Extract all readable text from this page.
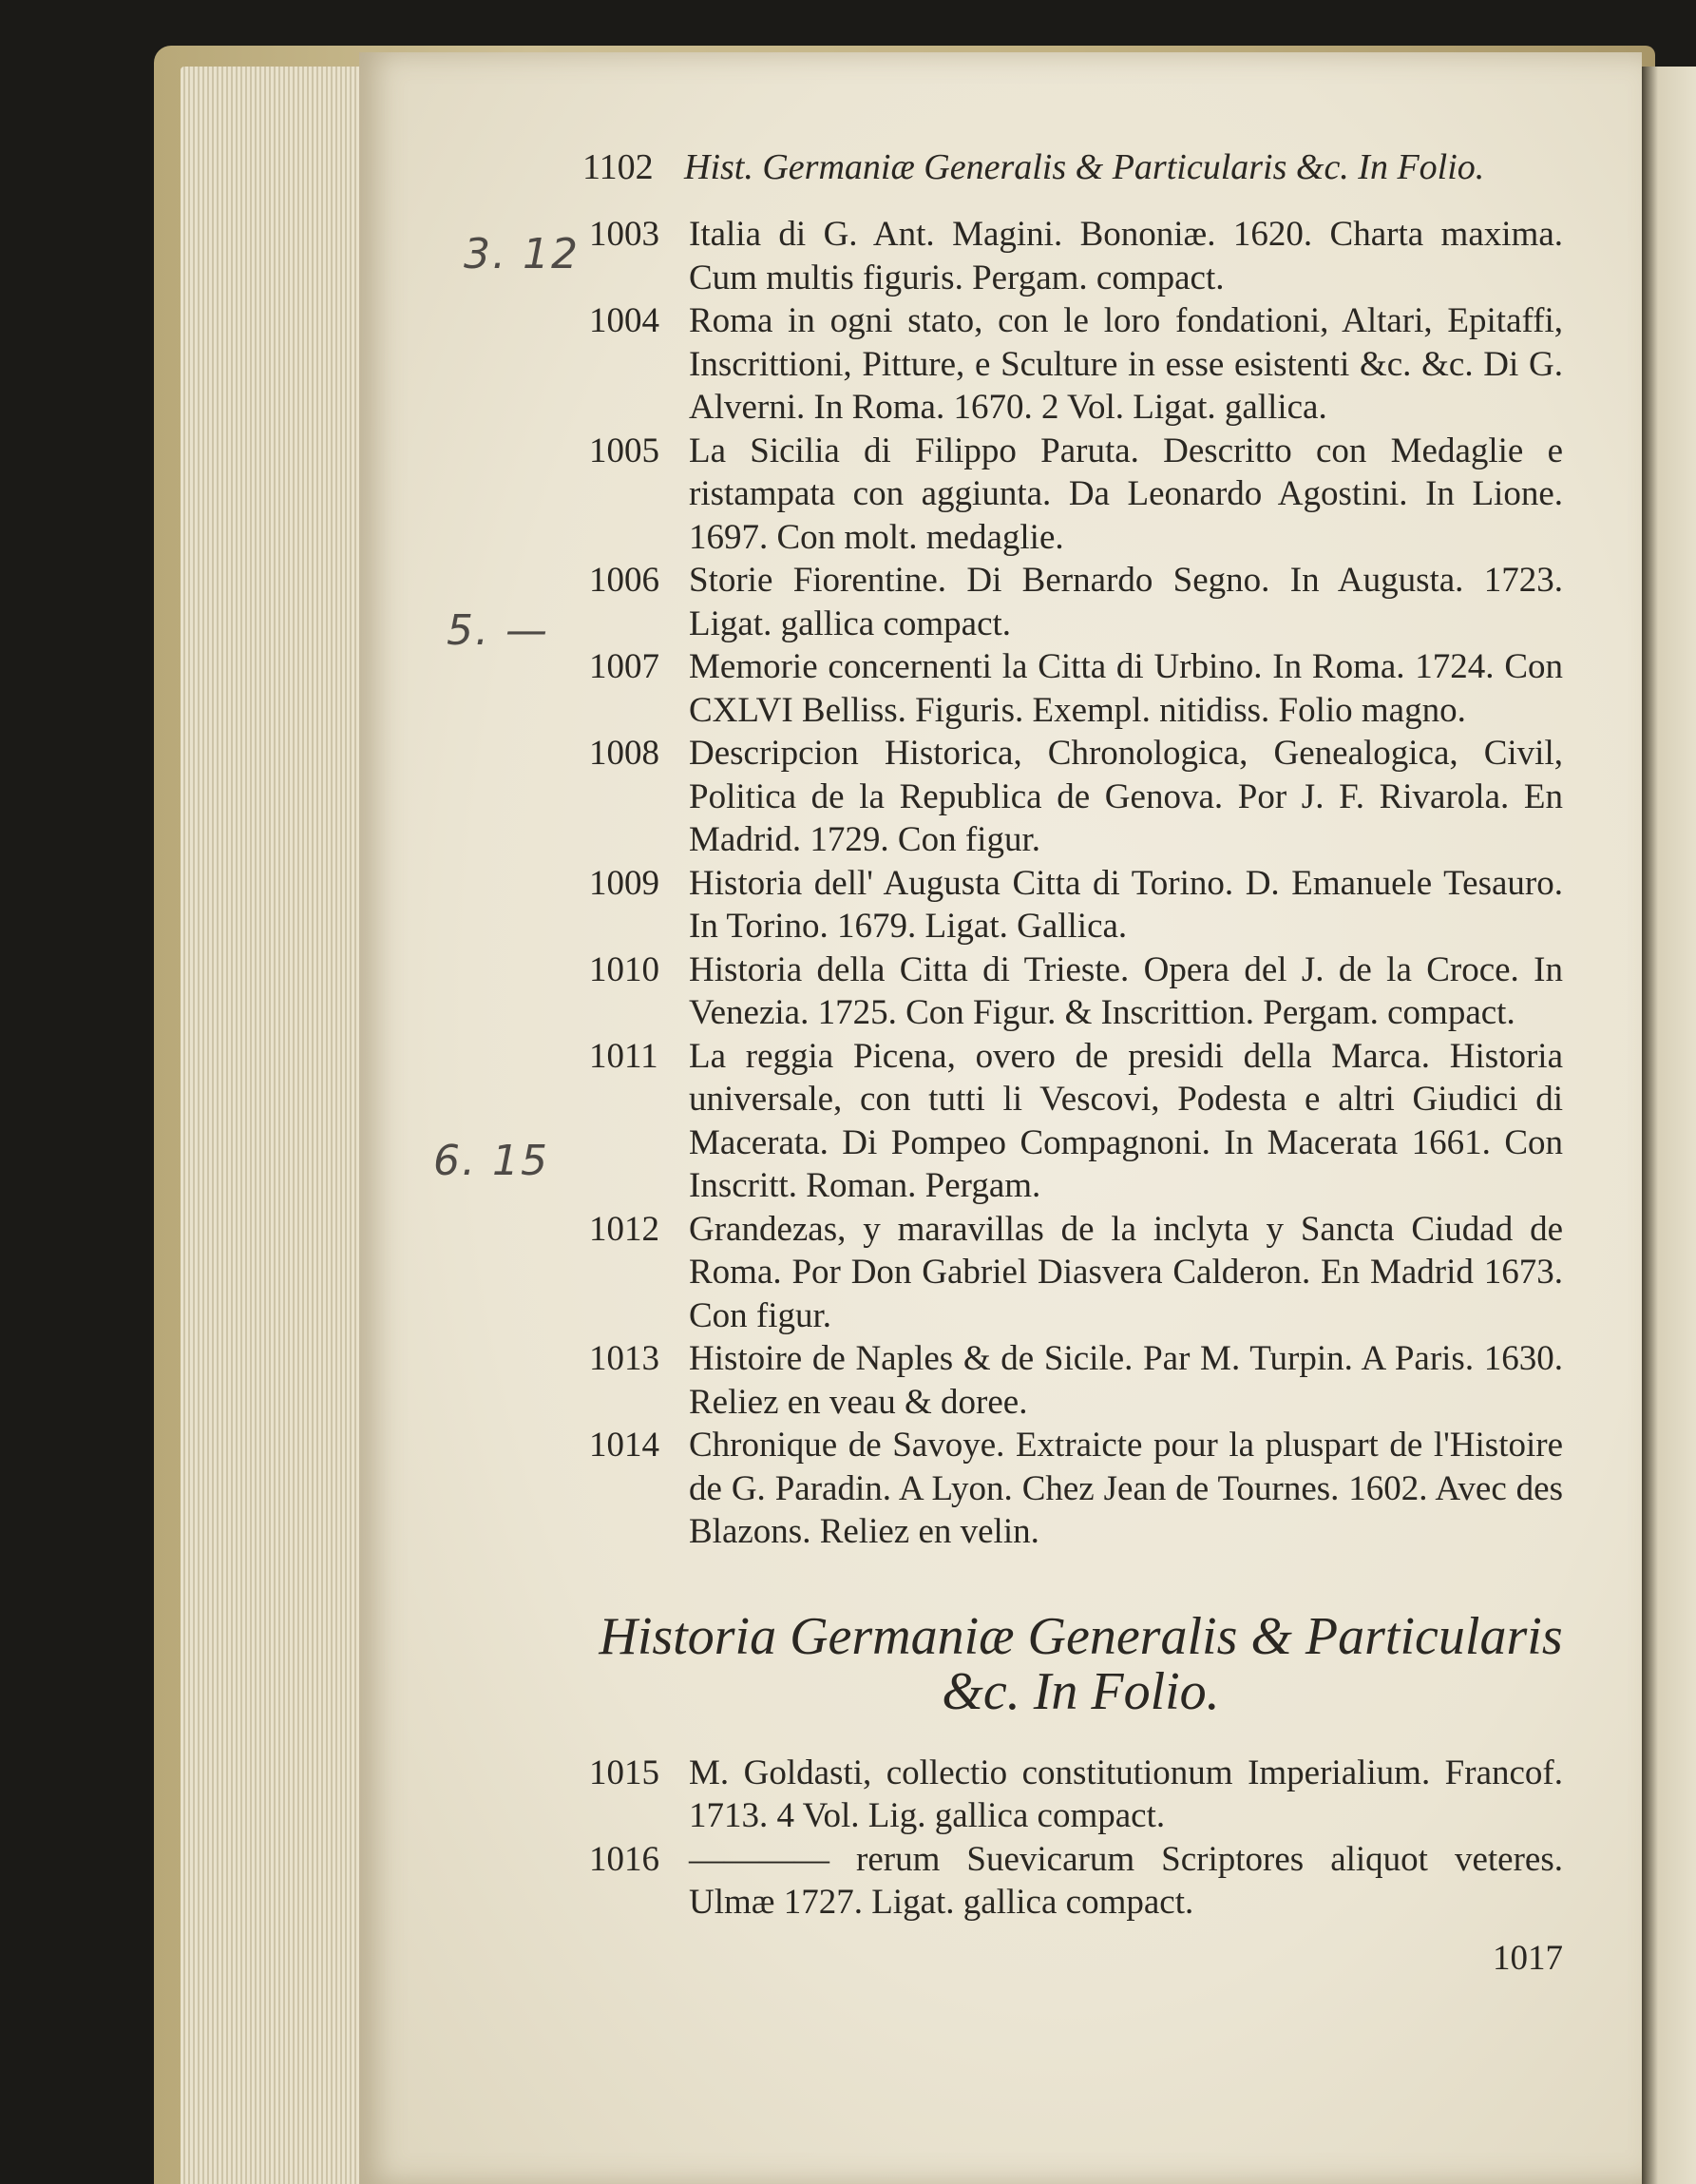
3. 12
5. —
6. 15
1102 Hist. Germaniæ Generalis & Particularis &c. In Folio.
1003 Italia di G. Ant. Magini. Bononiæ. 1620. Charta maxima. Cum multis figuris. Pergam. compact.
1004 Roma in ogni stato, con le loro fondationi, Altari, Epitaffi, Inscrittioni, Pitture, e Sculture in esse esistenti &c. &c. Di G. Alverni. In Roma. 1670. 2 Vol. Ligat. gallica.
1005 La Sicilia di Filippo Paruta. Descritto con Medaglie e ristampata con aggiunta. Da Leonardo Agostini. In Lione. 1697. Con molt. medaglie.
1006 Storie Fiorentine. Di Bernardo Segno. In Augusta. 1723. Ligat. gallica compact.
1007 Memorie concernenti la Citta di Urbino. In Roma. 1724. Con CXLVI Belliss. Figuris. Exempl. nitidiss. Folio magno.
1008 Descripcion Historica, Chronologica, Genealogica, Civil, Politica de la Republica de Genova. Por J. F. Rivarola. En Madrid. 1729. Con figur.
1009 Historia dell' Augusta Citta di Torino. D. Emanuele Tesauro. In Torino. 1679. Ligat. Gallica.
1010 Historia della Citta di Trieste. Opera del J. de la Croce. In Venezia. 1725. Con Figur. & Inscrittion. Pergam. compact.
1011 La reggia Picena, overo de presidi della Marca. Historia universale, con tutti li Vescovi, Podesta e altri Giudici di Macerata. Di Pompeo Compagnoni. In Macerata 1661. Con Inscritt. Roman. Pergam.
1012 Grandezas, y maravillas de la inclyta y Sancta Ciudad de Roma. Por Don Gabriel Diasvera Calderon. En Madrid 1673. Con figur.
1013 Histoire de Naples & de Sicile. Par M. Turpin. A Paris. 1630. Reliez en veau & doree.
1014 Chronique de Savoye. Extraicte pour la pluspart de l'Histoire de G. Paradin. A Lyon. Chez Jean de Tournes. 1602. Avec des Blazons. Reliez en velin.
Historia Germaniæ Generalis & Particularis &c. In Folio.
1015 M. Goldasti, collectio constitutionum Imperialium. Francof. 1713. 4 Vol. Lig. gallica compact.
1016 ———— rerum Suevicarum Scriptores aliquot veteres. Ulmæ 1727. Ligat. gallica compact.
1017
